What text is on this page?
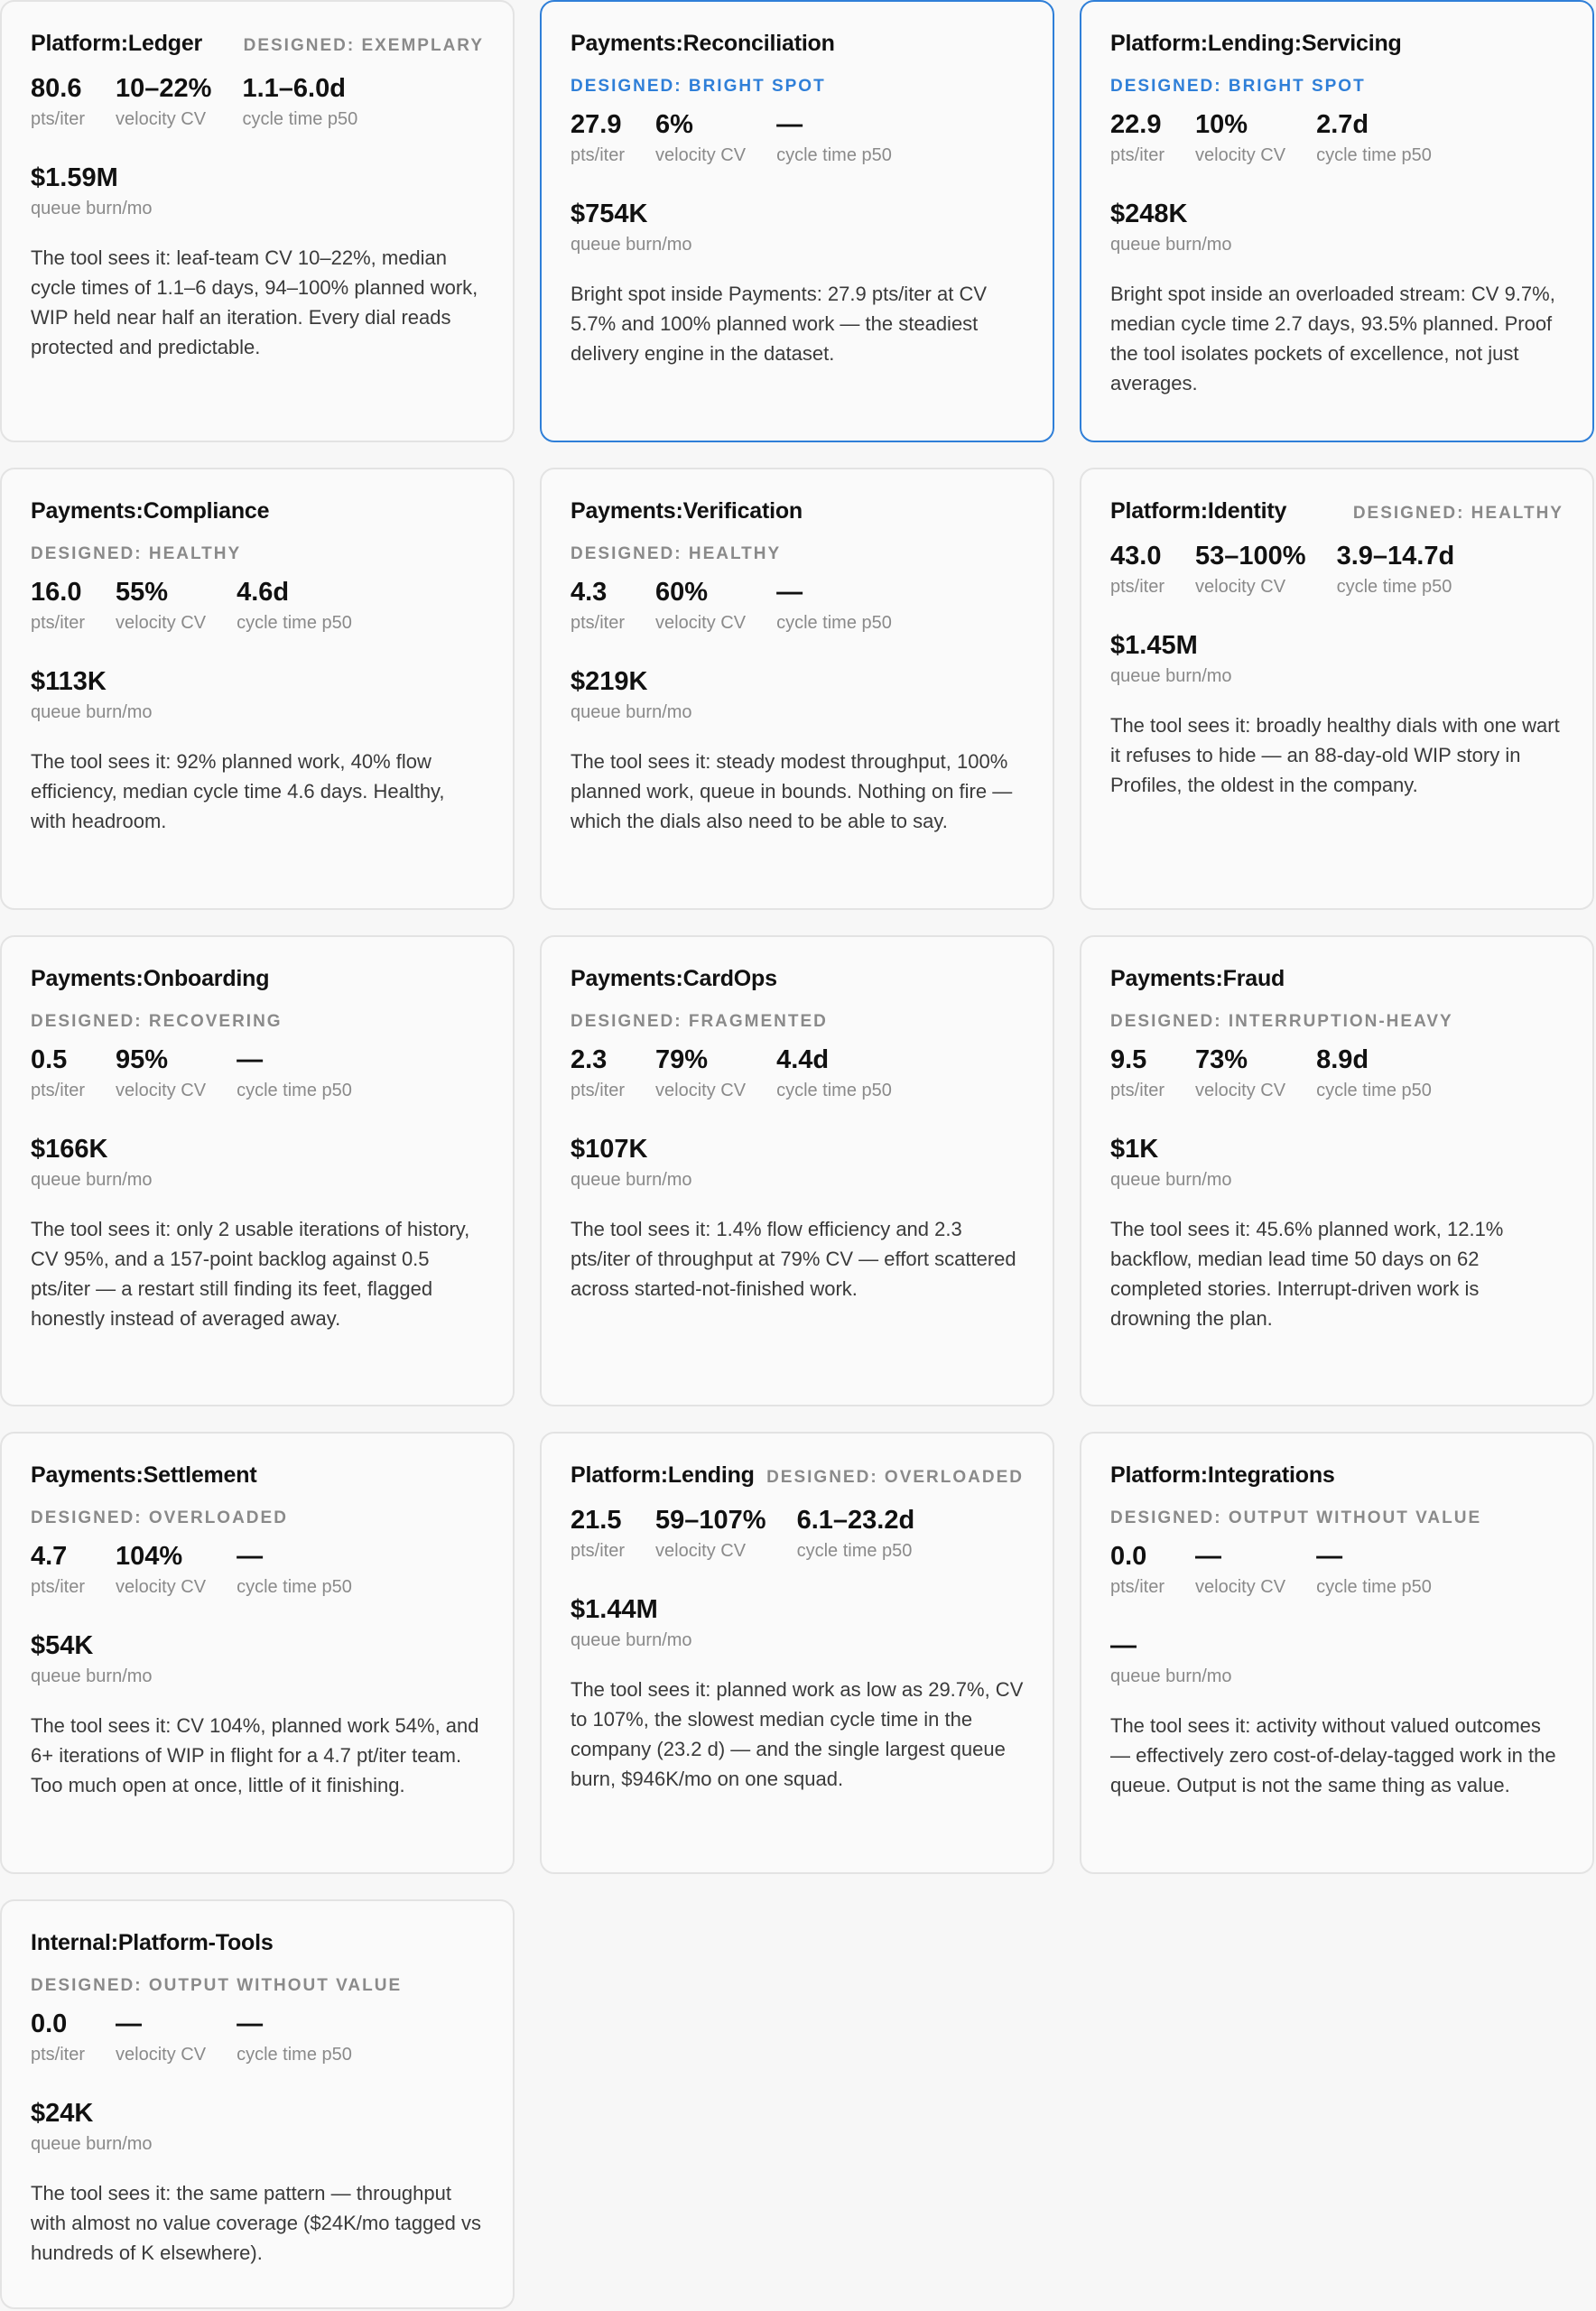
Platform:Ledger DESIGNED: EXEMPLARY
80.6
pts/iter
10–22%
velocity CV
1.1–6.0d
cycle time p50
$1.59M
queue burn/mo
The tool sees it: leaf-team CV 10–22%, median cycle times of 1.1–6 days, 94–100% planned work, WIP held near half an iteration. Every dial reads protected and predictable.
Payments:Reconciliation
DESIGNED: BRIGHT SPOT
27.9
pts/iter
6%
velocity CV
—
cycle time p50
$754K
queue burn/mo
Bright spot inside Payments: 27.9 pts/iter at CV 5.7% and 100% planned work — the steadiest delivery engine in the dataset.
Platform:Lending:Servicing
DESIGNED: BRIGHT SPOT
22.9
pts/iter
10%
velocity CV
2.7d
cycle time p50
$248K
queue burn/mo
Bright spot inside an overloaded stream: CV 9.7%, median cycle time 2.7 days, 93.5% planned. Proof the tool isolates pockets of excellence, not just averages.
Payments:Compliance
DESIGNED: HEALTHY
16.0
pts/iter
55%
velocity CV
4.6d
cycle time p50
$113K
queue burn/mo
The tool sees it: 92% planned work, 40% flow efficiency, median cycle time 4.6 days. Healthy, with headroom.
Payments:Verification
DESIGNED: HEALTHY
4.3
pts/iter
60%
velocity CV
—
cycle time p50
$219K
queue burn/mo
The tool sees it: steady modest throughput, 100% planned work, queue in bounds. Nothing on fire — which the dials also need to be able to say.
Platform:Identity	DESIGNED: HEALTHY
43.0
pts/iter
53–100%
velocity CV
3.9–14.7d
cycle time p50
$1.45M
queue burn/mo
The tool sees it: broadly healthy dials with one wart it refuses to hide — an 88-day-old WIP story in Profiles, the oldest in the company.
Payments:Onboarding
DESIGNED: RECOVERING
0.5
pts/iter
95%
velocity CV
—
cycle time p50
$166K
queue burn/mo
The tool sees it: only 2 usable iterations of history, CV 95%, and a 157-point backlog against 0.5 pts/iter — a restart still finding its feet, flagged honestly instead of averaged away.
Payments:CardOps
DESIGNED: FRAGMENTED
2.3
pts/iter
79%
velocity CV
4.4d
cycle time p50
$107K
queue burn/mo
The tool sees it: 1.4% flow efficiency and 2.3 pts/iter of throughput at 79% CV — effort scattered across started-not-finished work.
Payments:Fraud
DESIGNED: INTERRUPTION-HEAVY
9.5
pts/iter
73%
velocity CV
8.9d
cycle time p50
$1K
queue burn/mo
The tool sees it: 45.6% planned work, 12.1% backflow, median lead time 50 days on 62 completed stories. Interrupt-driven work is drowning the plan.
Payments:Settlement
DESIGNED: OVERLOADED
4.7
pts/iter
104%
velocity CV
—
cycle time p50
$54K
queue burn/mo
The tool sees it: CV 104%, planned work 54%, and 6+ iterations of WIP in flight for a 4.7 pt/iter team. Too much open at once, little of it finishing.
Platform:Lending DESIGNED: OVERLOADED
21.5
pts/iter
59–107%
velocity CV
6.1–23.2d
cycle time p50
$1.44M
queue burn/mo
The tool sees it: planned work as low as 29.7%, CV to 107%, the slowest median cycle time in the company (23.2 d) — and the single largest queue burn, $946K/mo on one squad.
Platform:Integrations
DESIGNED: OUTPUT WITHOUT VALUE
0.0
pts/iter
—
velocity CV
—
cycle time p50
—
queue burn/mo
The tool sees it: activity without valued outcomes — effectively zero cost-of-delay-tagged work in the queue. Output is not the same thing as value.
Internal:Platform-Tools
DESIGNED: OUTPUT WITHOUT VALUE
0.0
pts/iter
—
velocity CV
—
cycle time p50
$24K
queue burn/mo
The tool sees it: the same pattern — throughput with almost no value coverage ($24K/mo tagged vs hundreds of K elsewhere).
